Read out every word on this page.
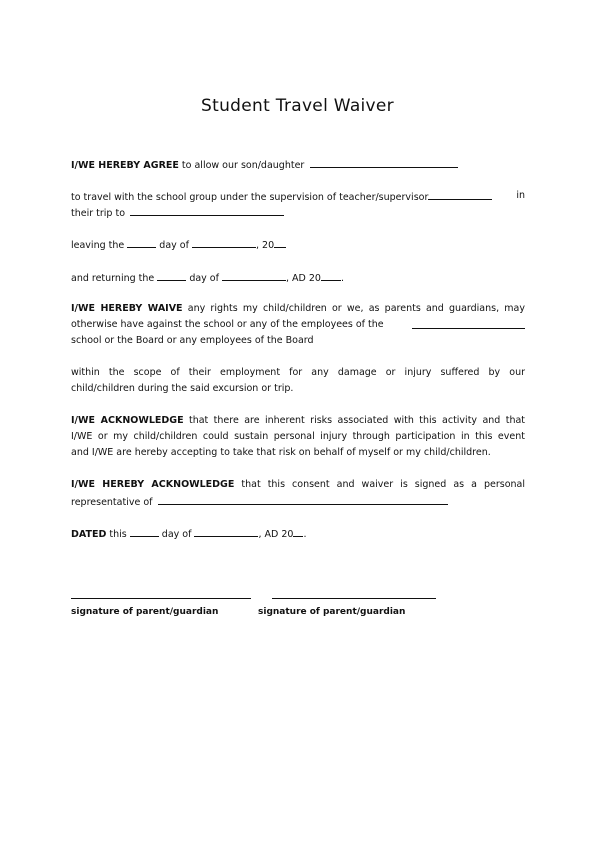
Student Travel Waiver
I/WE HEREBY AGREE to allow our son/daughter
to travel with the school group under the supervision of teacher/supervisor	in
their trip to
leaving the	day of	, 20
and returning the	day of	, AD 20 .
I/WE HEREBY WAIVE any rights my child/children or we, as parents and guardians, may
otherwise have against the school or any of the employees of the
school or the Board or any employees of the Board
within the scope of their employment for any damage or injury suffered by our
child/children during the said excursion or trip.
I/WE ACKNOWLEDGE that there are inherent risks associated with this activity and that
I/WE or my child/children could sustain personal injury through participation in this event
and I/WE are hereby accepting to take that risk on behalf of myself or my child/children.
I/WE HEREBY ACKNOWLEDGE that this consent and waiver is signed as a personal
representative of
DATED this	day of	, AD 20 .
signature of parent/guardian	signature of parent/guardian
